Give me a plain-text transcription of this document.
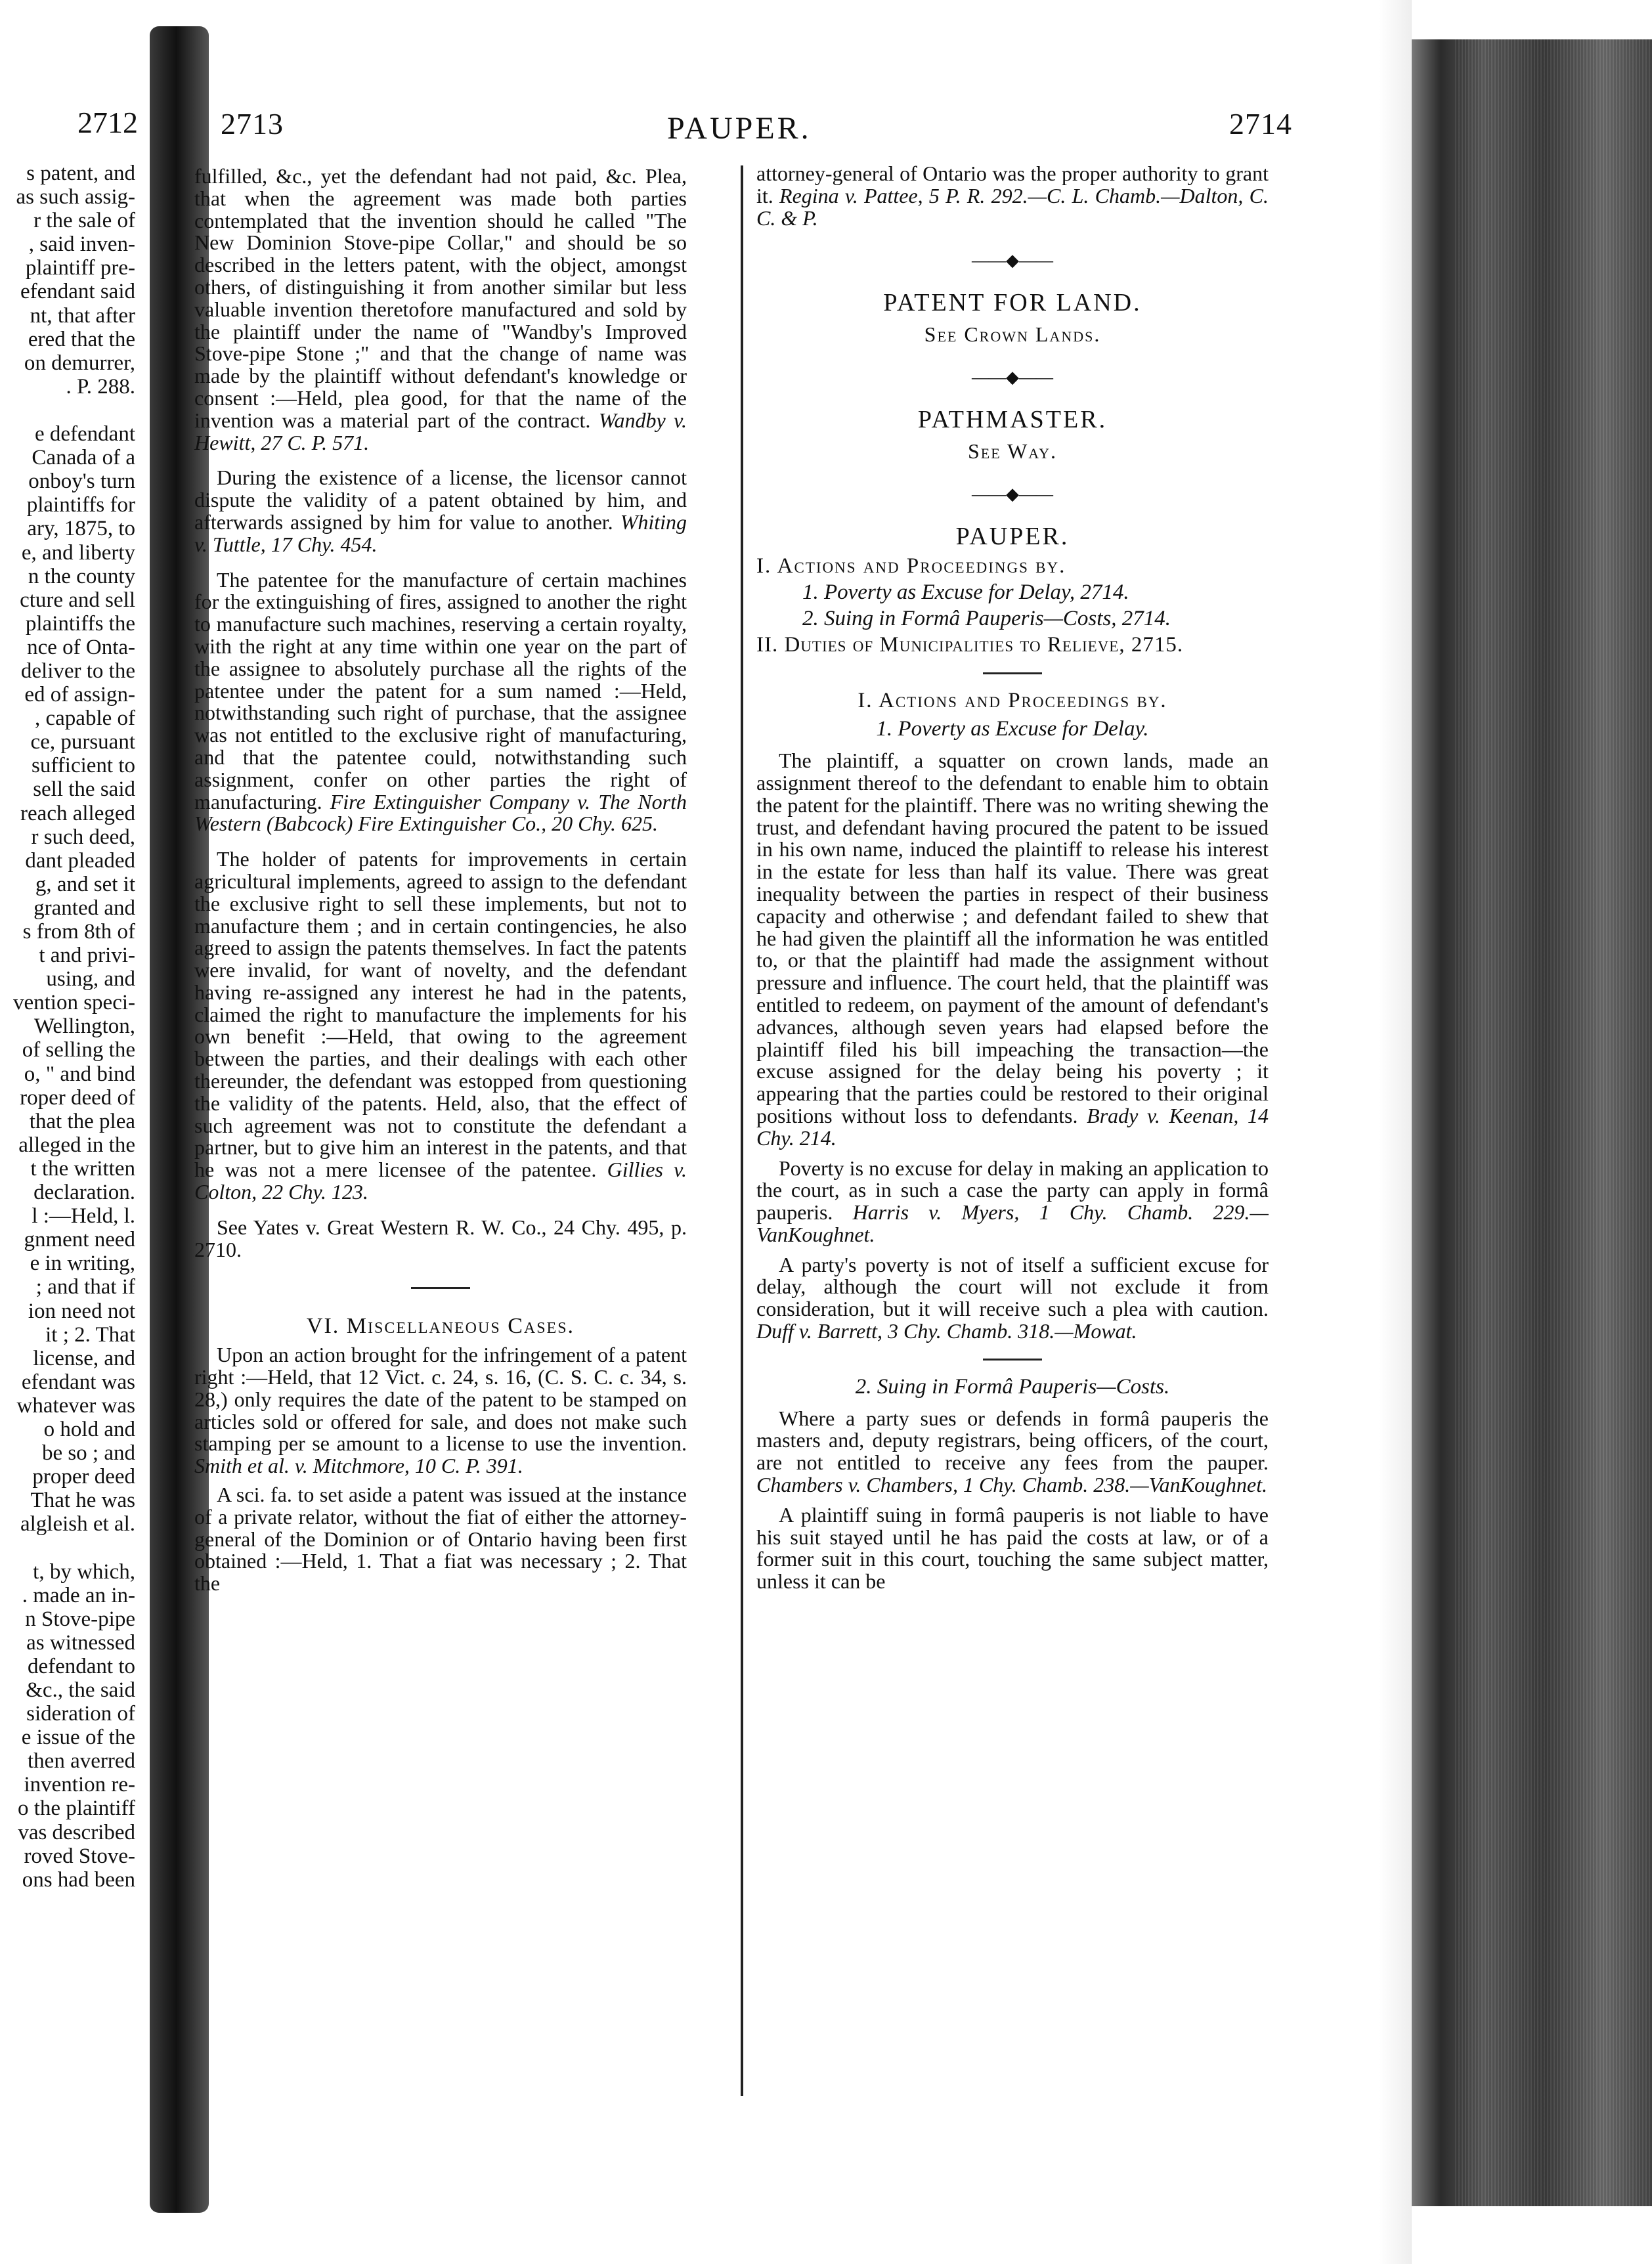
2712
s patent, and
as such assig-
r the sale of
, said inven-
plaintiff pre-
efendant said
nt, that after
ered that the
on demurrer,
. P. 288.
e defendant
Canada of a
onboy's turn
plaintiffs for
ary, 1875, to
e, and liberty
n the county
cture and sell
plaintiffs the
nce of Onta-
deliver to the
ed of assign-
, capable of
ce, pursuant
sufficient to
sell the said
reach alleged
r such deed,
dant pleaded
g, and set it
granted and
s from 8th of
t and privi-
using, and
vention speci-
Wellington,
of selling the
o, " and bind
roper deed of
that the plea
alleged in the
t the written
declaration.
l :—Held, l.
gnment need
e in writing,
; and that if
ion need not
it ; 2. That
license, and
efendant was
whatever was
o hold and
be so ; and
proper deed
That he was
algleish et al.
t, by which,
. made an in-
n Stove-pipe
as witnessed
defendant to
&c., the said
sideration of
e issue of the
then averred
invention re-
o the plaintiff
vas described
roved Stove-
ons had been
2713	PAUPER.	2714

fulfilled, &c., yet the defendant had not paid, &c. Plea, that when the agreement was made both parties contemplated that the invention should he called "The New Dominion Stove-pipe Collar," and should be so described in the letters patent, with the object, amongst others, of distinguishing it from another similar but less valuable invention theretofore manufactured and sold by the plaintiff under the name of "Wandby's Improved Stove-pipe Stone ;" and that the change of name was made by the plaintiff without defendant's knowledge or consent :—Held, plea good, for that the name of the invention was a material part of the contract. Wandby v. Hewitt, 27 C. P. 571.

During the existence of a license, the licensor cannot dispute the validity of a patent obtained by him, and afterwards assigned by him for value to another. Whiting v. Tuttle, 17 Chy. 454.

The patentee for the manufacture of certain machines for the extinguishing of fires, assigned to another the right to manufacture such machines, reserving a certain royalty, with the right at any time within one year on the part of the assignee to absolutely purchase all the rights of the patentee under the patent for a sum named :—Held, notwithstanding such right of purchase, that the assignee was not entitled to the exclusive right of manufacturing, and that the patentee could, notwithstanding such assignment, confer on other parties the right of manufacturing. Fire Extinguisher Company v. The North Western (Babcock) Fire Extinguisher Co., 20 Chy. 625.

The holder of patents for improvements in certain agricultural implements, agreed to assign to the defendant the exclusive right to sell these implements, but not to manufacture them ; and in certain contingencies, he also agreed to assign the patents themselves. In fact the patents were invalid, for want of novelty, and the defendant having re-assigned any interest he had in the patents, claimed the right to manufacture the implements for his own benefit :—Held, that owing to the agreement between the parties, and their dealings with each other thereunder, the defendant was estopped from questioning the validity of the patents. Held, also, that the effect of such agreement was not to constitute the defendant a partner, but to give him an interest in the patents, and that he was not a mere licensee of the patentee. Gillies v. Colton, 22 Chy. 123.

See Yates v. Great Western R. W. Co., 24 Chy. 495, p. 2710.

VI. Miscellaneous Cases.

Upon an action brought for the infringement of a patent right :—Held, that 12 Vict. c. 24, s. 16, (C. S. C. c. 34, s. 28,) only requires the date of the patent to be stamped on articles sold or offered for sale, and does not make such stamping per se amount to a license to use the invention. Smith et al. v. Mitchmore, 10 C. P. 391.

A sci. fa. to set aside a patent was issued at the instance of a private relator, without the fiat of either the attorney-general of the Dominion or of Ontario having been first obtained :—Held, 1. That a fiat was necessary ; 2. That the

attorney-general of Ontario was the proper authority to grant it. Regina v. Pattee, 5 P. R. 292.—C. L. Chamb.—Dalton, C. C. & P.

——◆——
PATENT FOR LAND.
See Crown Lands.
——◆——
PATHMASTER.
See Way.
——◆——
PAUPER.
I. Actions and Proceedings by.
1. Poverty as Excuse for Delay, 2714.
2. Suing in Formâ Pauperis—Costs, 2714.
II. Duties of Municipalities to Relieve, 2715.
I. Actions and Proceedings by.
1. Poverty as Excuse for Delay.

The plaintiff, a squatter on crown lands, made an assignment thereof to the defendant to enable him to obtain the patent for the plaintiff. There was no writing shewing the trust, and defendant having procured the patent to be issued in his own name, induced the plaintiff to release his interest in the estate for less than half its value. There was great inequality between the parties in respect of their business capacity and otherwise ; and defendant failed to shew that he had given the plaintiff all the information he was entitled to, or that the plaintiff had made the assignment without pressure and influence. The court held, that the plaintiff was entitled to redeem, on payment of the amount of defendant's advances, although seven years had elapsed before the plaintiff filed his bill impeaching the transaction—the excuse assigned for the delay being his poverty ; it appearing that the parties could be restored to their original positions without loss to defendants. Brady v. Keenan, 14 Chy. 214.

Poverty is no excuse for delay in making an application to the court, as in such a case the party can apply in formâ pauperis. Harris v. Myers, 1 Chy. Chamb. 229.—VanKoughnet.

A party's poverty is not of itself a sufficient excuse for delay, although the court will not exclude it from consideration, but it will receive such a plea with caution. Duff v. Barrett, 3 Chy. Chamb. 318.—Mowat.

2. Suing in Formâ Pauperis—Costs.

Where a party sues or defends in formâ pauperis the masters and, deputy registrars, being officers, of the court, are not entitled to receive any fees from the pauper. Chambers v. Chambers, 1 Chy. Chamb. 238.—VanKoughnet.

A plaintiff suing in formâ pauperis is not liable to have his suit stayed until he has paid the costs at law, or of a former suit in this court, touching the same subject matter, unless it can be
